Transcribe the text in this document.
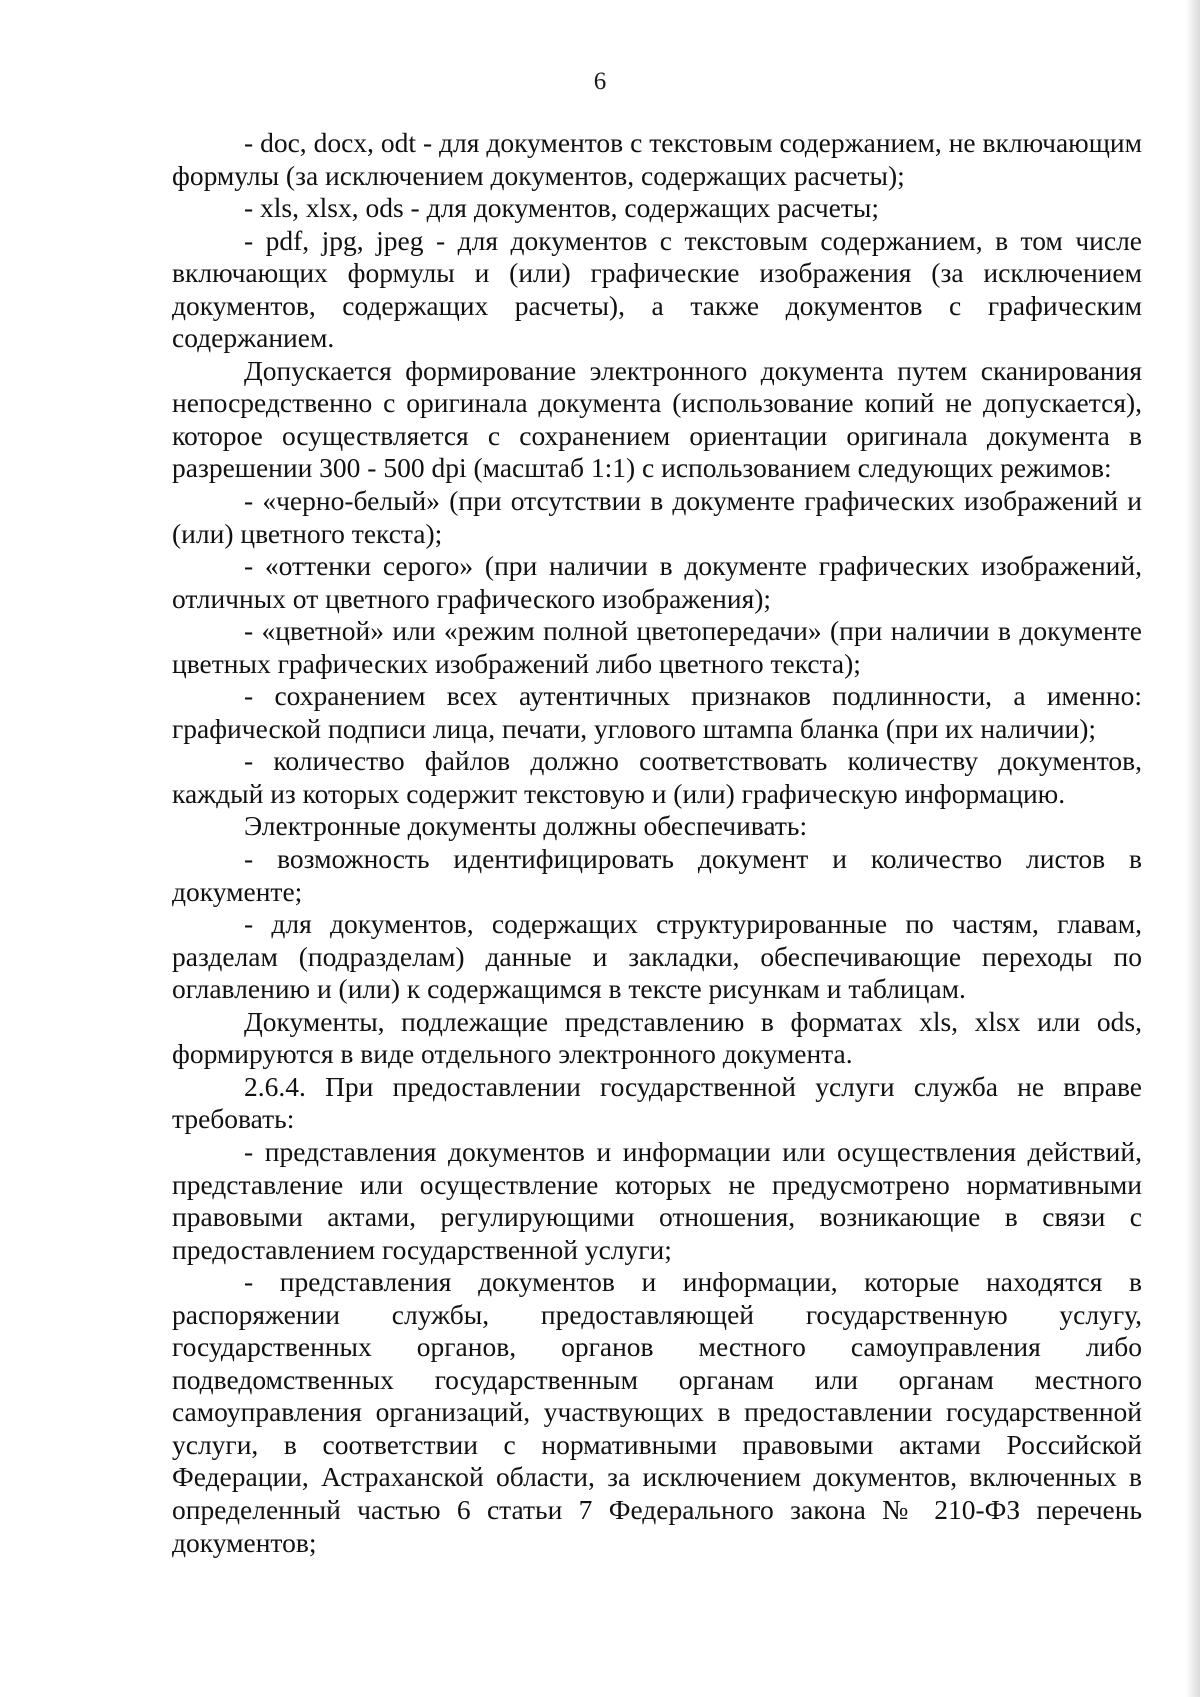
6

- doc, docx, odt - для документов с текстовым содержанием, не включающим формулы (за исключением документов, содержащих расчеты);

- xls, xlsx, ods - для документов, содержащих расчеты;

- pdf, jpg, jpeg - для документов с текстовым содержанием, в том числе включающих формулы и (или) графические изображения (за исключением документов, содержащих расчеты), а также документов с графическим содержанием.

Допускается формирование электронного документа путем сканирования непосредственно с оригинала документа (использование копий не допускается), которое осуществляется с сохранением ориентации оригинала документа в разрешении 300 - 500 dpi (масштаб 1:1) с использованием следующих режимов:

- «черно-белый» (при отсутствии в документе графических изображений и (или) цветного текста);

- «оттенки серого» (при наличии в документе графических изображений, отличных от цветного графического изображения);

- «цветной» или «режим полной цветопередачи» (при наличии в документе цветных графических изображений либо цветного текста);

- сохранением всех аутентичных признаков подлинности, а именно: графической подписи лица, печати, углового штампа бланка (при их наличии);

- количество файлов должно соответствовать количеству документов, каждый из которых содержит текстовую и (или) графическую информацию.

Электронные документы должны обеспечивать:

- возможность идентифицировать документ и количество листов в документе;

- для документов, содержащих структурированные по частям, главам, разделам (подразделам) данные и закладки, обеспечивающие переходы по оглавлению и (или) к содержащимся в тексте рисункам и таблицам.

Документы, подлежащие представлению в форматах xls, xlsx или ods, формируются в виде отдельного электронного документа.

2.6.4. При предоставлении государственной услуги служба не вправе требовать:

- представления документов и информации или осуществления действий, представление или осуществление которых не предусмотрено нормативными правовыми актами, регулирующими отношения, возникающие в связи с предоставлением государственной услуги;

- представления документов и информации, которые находятся в распоряжении службы, предоставляющей государственную услугу, государственных органов, органов местного самоуправления либо подведомственных государственным органам или органам местного самоуправления организаций, участвующих в предоставлении государственной услуги, в соответствии с нормативными правовыми актами Российской Федерации, Астраханской области, за исключением документов, включенных в определенный частью 6 статьи 7 Федерального закона № 210-ФЗ перечень документов;
